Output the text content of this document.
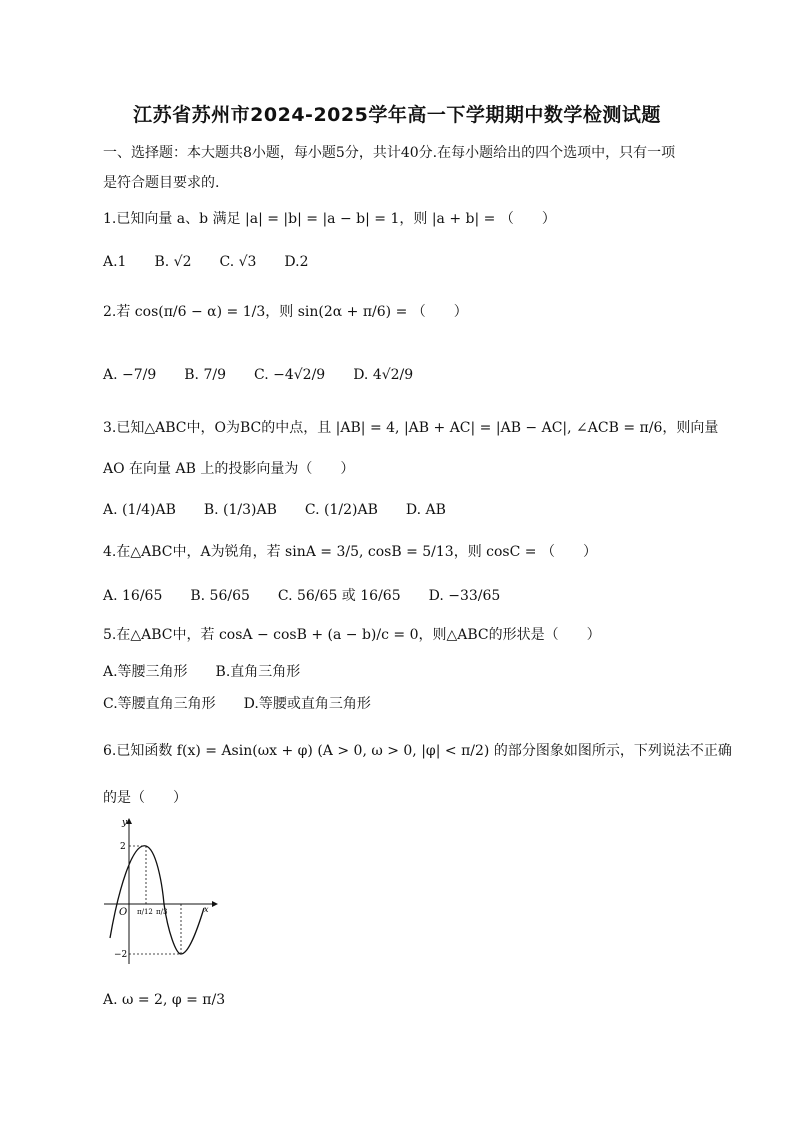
江苏省苏州市2024-2025学年高一下学期期中数学检测试题
一、选择题：本大题共8小题，每小题5分，共计40分.在每小题给出的四个选项中，只有一项
是符合题目要求的.
1.已知向量 a、b 满足 |a| = |b| = |a − b| = 1，则 |a + b| = （　　）
A.1　　B. √2　　C. √3　　D.2
2.若 cos(π/6 − α) = 1/3，则 sin(2α + π/6) = （　　）
A. −7/9　　B. 7/9　　C. −4√2/9　　D. 4√2/9
3.已知△ABC中，O为BC的中点，且 |AB| = 4, |AB + AC| = |AB − AC|, ∠ACB = π/6，则向量
AO 在向量 AB 上的投影向量为（　　）
A. (1/4)AB　　B. (1/3)AB　　C. (1/2)AB　　D. AB
4.在△ABC中，A为锐角，若 sinA = 3/5, cosB = 5/13，则 cosC = （　　）
A. 16/65　　B. 56/65　　C. 56/65 或 16/65　　D. −33/65
5.在△ABC中，若 cosA − cosB + (a − b)/c = 0，则△ABC的形状是（　　）
A.等腰三角形　　B.直角三角形
C.等腰直角三角形　　D.等腰或直角三角形
6.已知函数 f(x) = Asin(ωx + φ) (A > 0, ω > 0, |φ| < π/2) 的部分图象如图所示，下列说法不正确
的是（　　）
y
x
O
2
−2
π/12 π/3
A. ω = 2, φ = π/3
